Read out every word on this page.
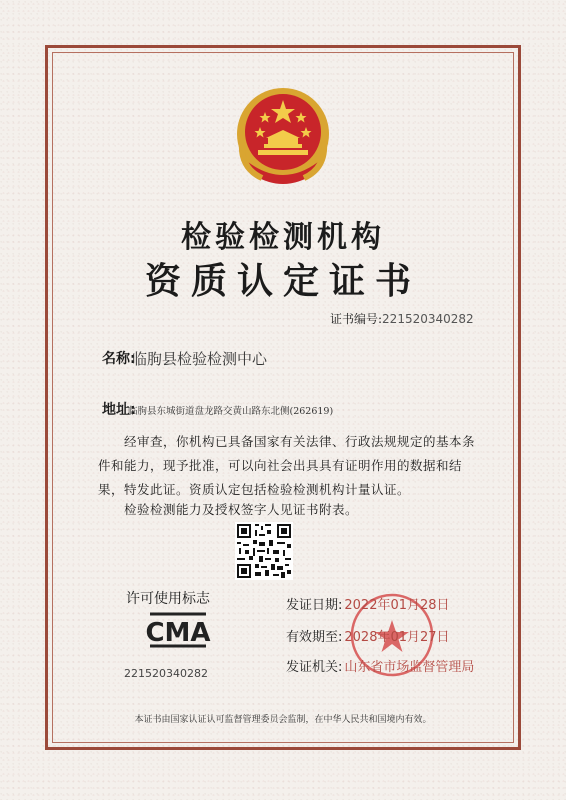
检验检测机构
资质认定证书
证书编号:221520340282
名称:
临朐县检验检测中心
地址:
临朐县东城街道盘龙路交黄山路东北侧(262619)

经审查，你机构已具备国家有关法律、行政法规规定的基本条件和能力，现予批准，可以向社会出具具有证明作用的数据和结果，特发此证。资质认定包括检验检测机构计量认证。

检验检测能力及授权签字人见证书附表。
许可使用标志
CMA
221520340282
发证日期: 2022年01月28日
有效期至: 2028年01月27日
发证机关: 山东省市场监督管理局
本证书由国家认证认可监督管理委员会监制，在中华人民共和国境内有效。
